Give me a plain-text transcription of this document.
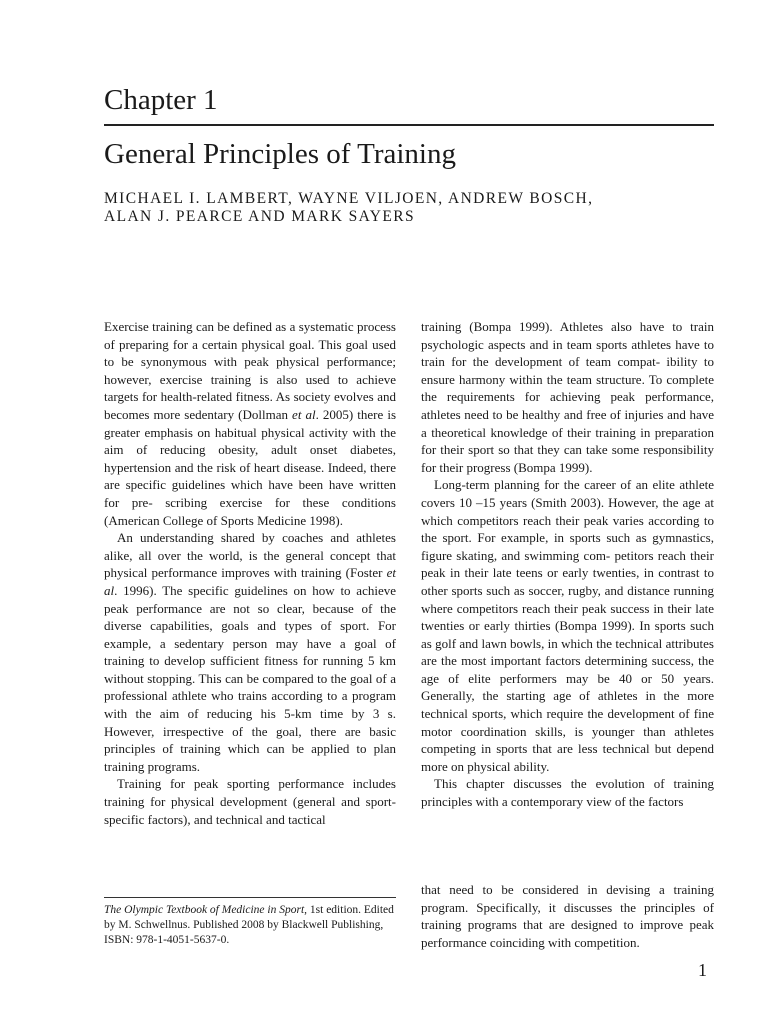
Chapter 1
General Principles of Training
MICHAEL I. LAMBERT, WAYNE VILJOEN, ANDREW BOSCH,
ALAN J. PEARCE AND MARK SAYERS

Exercise training can be defined as a systematic process of preparing for a certain physical goal. This goal used to be synonymous with peak physical performance; however, exercise training is also used to achieve targets for health-related fitness. As society evolves and becomes more sedentary (Dollman et al. 2005) there is greater emphasis on habitual physical activity with the aim of reducing obesity, adult onset diabetes, hypertension and the risk of heart disease. Indeed, there are specific guidelines which have been have written for pre- scribing exercise for these conditions (American College of Sports Medicine 1998).

An understanding shared by coaches and athletes alike, all over the world, is the general concept that physical performance improves with training (Foster et al. 1996). The specific guidelines on how to achieve peak performance are not so clear, because of the diverse capabilities, goals and types of sport. For example, a sedentary person may have a goal of training to develop sufficient fitness for running 5 km without stopping. This can be compared to the goal of a professional athlete who trains according to a program with the aim of reducing his 5-km time by 3 s. However, irrespective of the goal, there are basic principles of training which can be applied to plan training programs.

Training for peak sporting performance includes training for physical development (general and sport-specific factors), and technical and tactical

training (Bompa 1999). Athletes also have to train psychologic aspects and in team sports athletes have to train for the development of team compat- ibility to ensure harmony within the team structure. To complete the requirements for achieving peak performance, athletes need to be healthy and free of injuries and have a theoretical knowledge of their training in preparation for their sport so that they can take some responsibility for their progress (Bompa 1999).

Long-term planning for the career of an elite athlete covers 10 –15 years (Smith 2003). However, the age at which competitors reach their peak varies according to the sport. For example, in sports such as gymnastics, figure skating, and swimming com- petitors reach their peak in their late teens or early twenties, in contrast to other sports such as soccer, rugby, and distance running where competitors reach their peak success in their late twenties or early thirties (Bompa 1999). In sports such as golf and lawn bowls, in which the technical attributes are the most important factors determining success, the age of elite performers may be 40 or 50 years. Generally, the starting age of athletes in the more technical sports, which require the development of fine motor coordination skills, is younger than athletes competing in sports that are less technical but depend more on physical ability.

This chapter discusses the evolution of training principles with a contemporary view of the factors

The Olympic Textbook of Medicine in Sport, 1st edition. Edited by M. Schwellnus. Published 2008 by Blackwell Publishing, ISBN: 978-1-4051-5637-0.

that need to be considered in devising a training program. Specifically, it discusses the principles of training programs that are designed to improve peak performance coinciding with competition.

1
